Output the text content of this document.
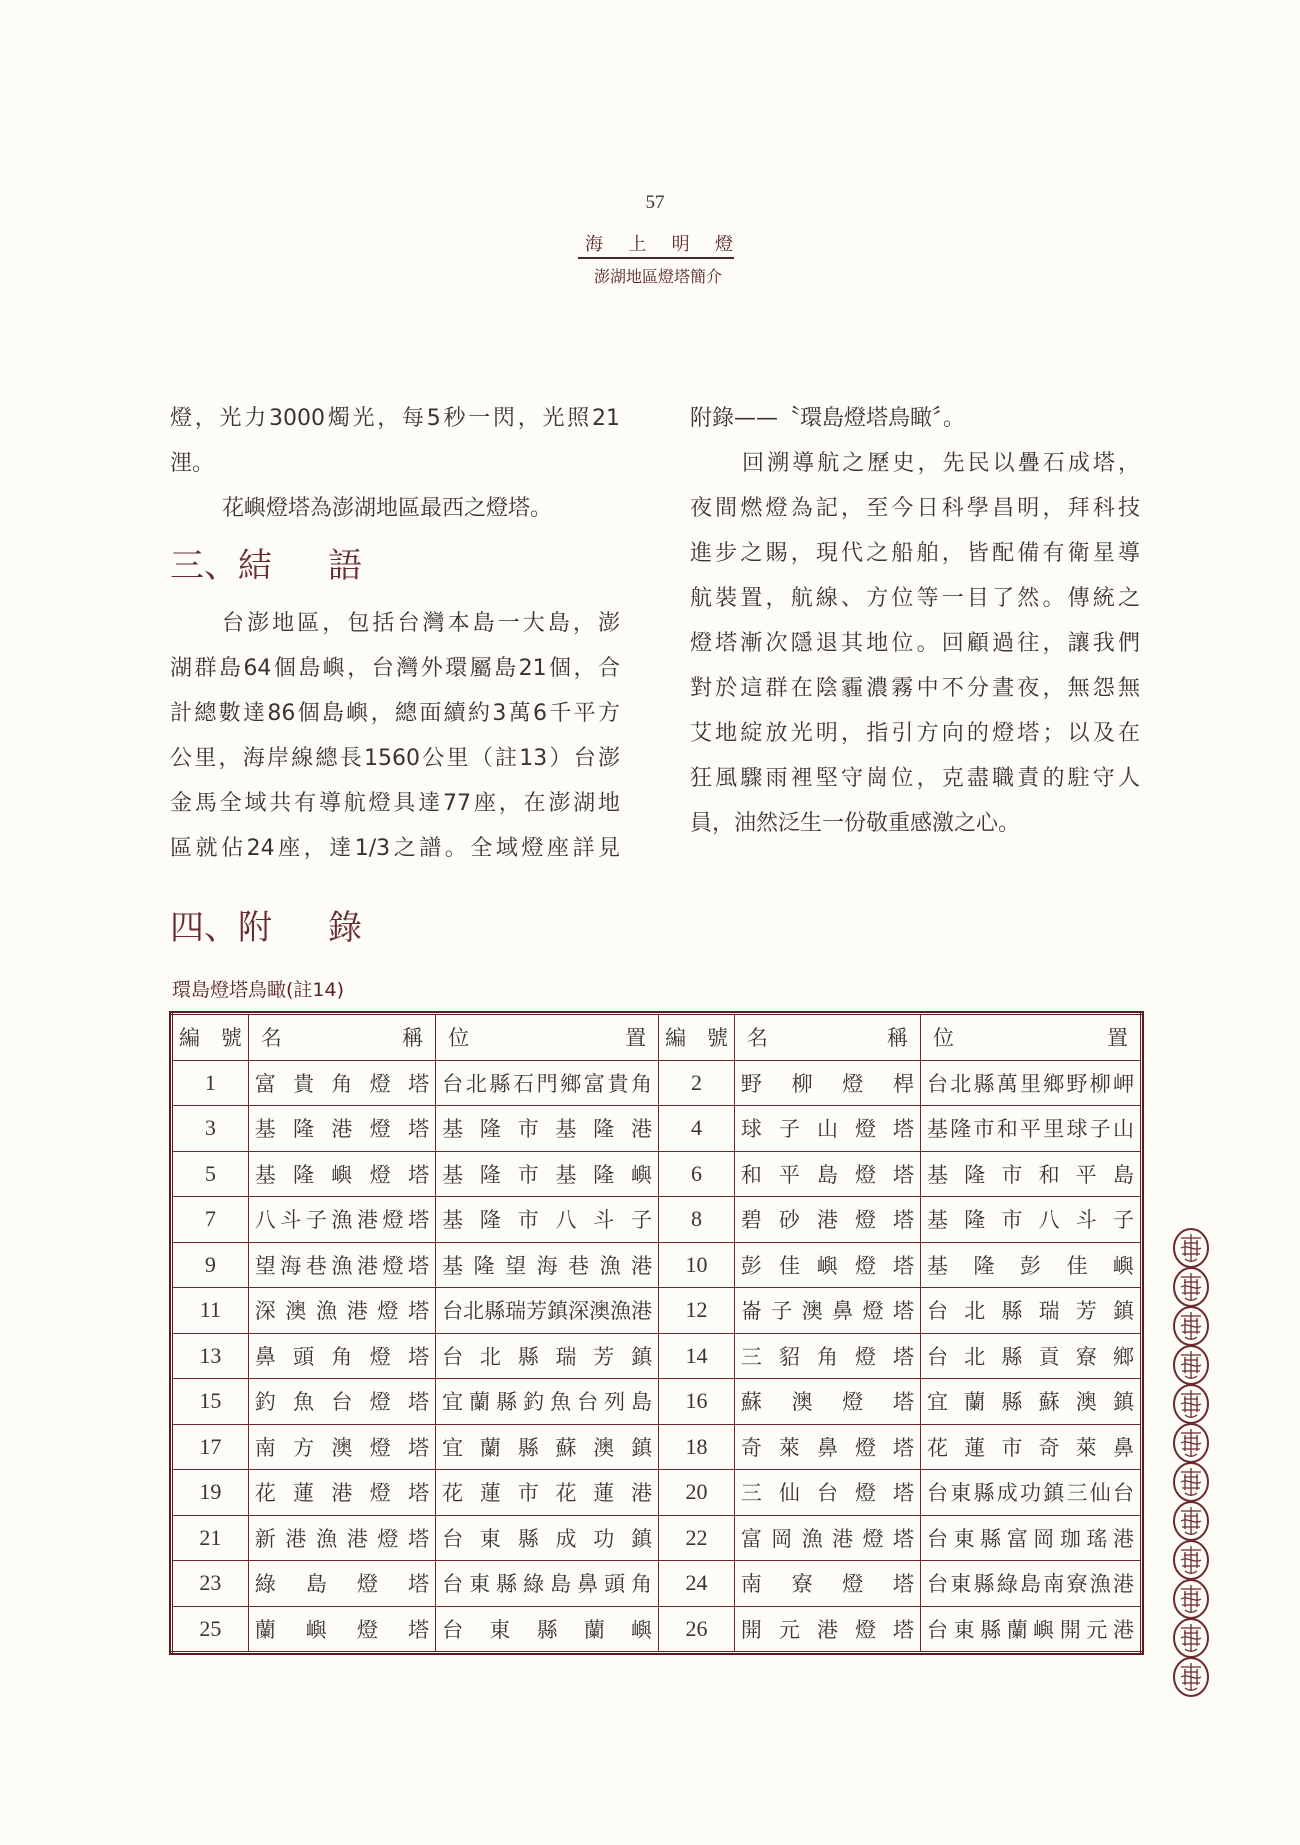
57
海上明燈
澎湖地區燈塔簡介
燈，光力3000燭光，每5秒一閃，光照21
浬。
花嶼燈塔為澎湖地區最西之燈塔。
三、結 語
台澎地區，包括台灣本島一大島，澎
湖群島64個島嶼，台灣外環屬島21個，合
計總數達86個島嶼，總面續約3萬6千平方
公里，海岸線總長1560公里（註13）台澎
金馬全域共有導航燈具達77座，在澎湖地
區就佔24座，達1/3之譜。全域燈座詳見
附錄——〝環島燈塔鳥瞰〞。
回溯導航之歷史，先民以疊石成塔，
夜間燃燈為記，至今日科學昌明，拜科技
進步之賜，現代之船舶，皆配備有衛星導
航裝置，航線、方位等一目了然。傳統之
燈塔漸次隱退其地位。回顧過往，讓我們
對於這群在陰霾濃霧中不分晝夜，無怨無
艾地綻放光明，指引方向的燈塔；以及在
狂風驟雨裡堅守崗位，克盡職責的駐守人
員，油然泛生一份敬重感激之心。
四、附 錄
環島燈塔鳥瞰(註14)
編號	名稱	位置	編號	名稱	位置
1	富貴角燈塔	台北縣石門鄉富貴角	2	野柳燈桿	台北縣萬里鄉野柳岬
3	基隆港燈塔	基隆市基隆港	4	球子山燈塔	基隆市和平里球子山
5	基隆嶼燈塔	基隆市基隆嶼	6	和平島燈塔	基隆市和平島
7	八斗子漁港燈塔	基隆市八斗子	8	碧砂港燈塔	基隆市八斗子
9	望海巷漁港燈塔	基隆望海巷漁港	10	彭佳嶼燈塔	基隆彭佳嶼
11	深澳漁港燈塔	台北縣瑞芳鎮深澳漁港	12	崙子澳鼻燈塔	台北縣瑞芳鎮
13	鼻頭角燈塔	台北縣瑞芳鎮	14	三貂角燈塔	台北縣貢寮鄉
15	釣魚台燈塔	宜蘭縣釣魚台列島	16	蘇澳燈塔	宜蘭縣蘇澳鎮
17	南方澳燈塔	宜蘭縣蘇澳鎮	18	奇萊鼻燈塔	花蓮市奇萊鼻
19	花蓮港燈塔	花蓮市花蓮港	20	三仙台燈塔	台東縣成功鎮三仙台
21	新港漁港燈塔	台東縣成功鎮	22	富岡漁港燈塔	台東縣富岡珈瑤港
23	綠島燈塔	台東縣綠島鼻頭角	24	南寮燈塔	台東縣綠島南寮漁港
25	蘭嶼燈塔	台東縣蘭嶼	26	開元港燈塔	台東縣蘭嶼開元港
